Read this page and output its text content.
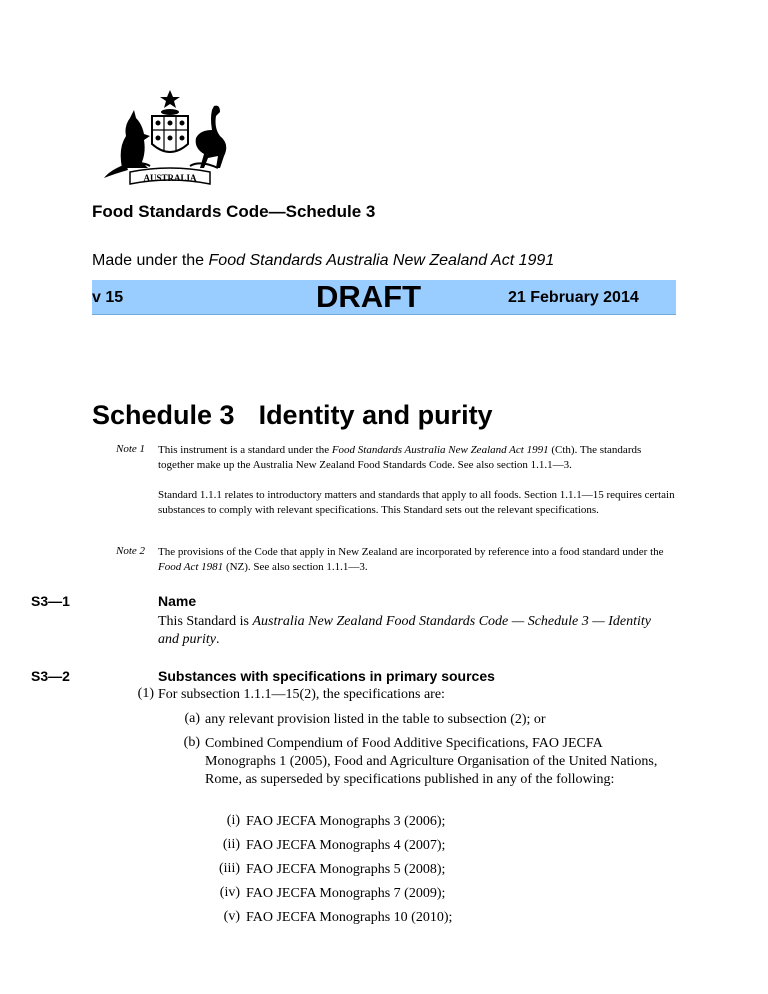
AUSTRALIA
Food Standards Code—Schedule 3
Made under the Food Standards Australia New Zealand Act 1991
v 15	DRAFT	21 February 2014
Schedule 3 Identity and purity
Note 1	This instrument is a standard under the Food Standards Australia New Zealand Act 1991 (Cth). The standards together make up the Australia New Zealand Food Standards Code. See also section 1.1.1—3.
Standard 1.1.1 relates to introductory matters and standards that apply to all foods. Section 1.1.1—15 requires certain substances to comply with relevant specifications. This Standard sets out the relevant specifications.
Note 2	The provisions of the Code that apply in New Zealand are incorporated by reference into a food standard under the Food Act 1981 (NZ). See also section 1.1.1—3.
S3—1	Name
This Standard is Australia New Zealand Food Standards Code — Schedule 3 — Identity and purity.
S3—2	Substances with specifications in primary sources
(1) For subsection 1.1.1—15(2), the specifications are:
(a) any relevant provision listed in the table to subsection (2); or
(b) Combined Compendium of Food Additive Specifications, FAO JECFA Monographs 1 (2005), Food and Agriculture Organisation of the United Nations, Rome, as superseded by specifications published in any of the following:
(i) FAO JECFA Monographs 3 (2006);
(ii) FAO JECFA Monographs 4 (2007);
(iii) FAO JECFA Monographs 5 (2008);
(iv) FAO JECFA Monographs 7 (2009);
(v) FAO JECFA Monographs 10 (2010);
